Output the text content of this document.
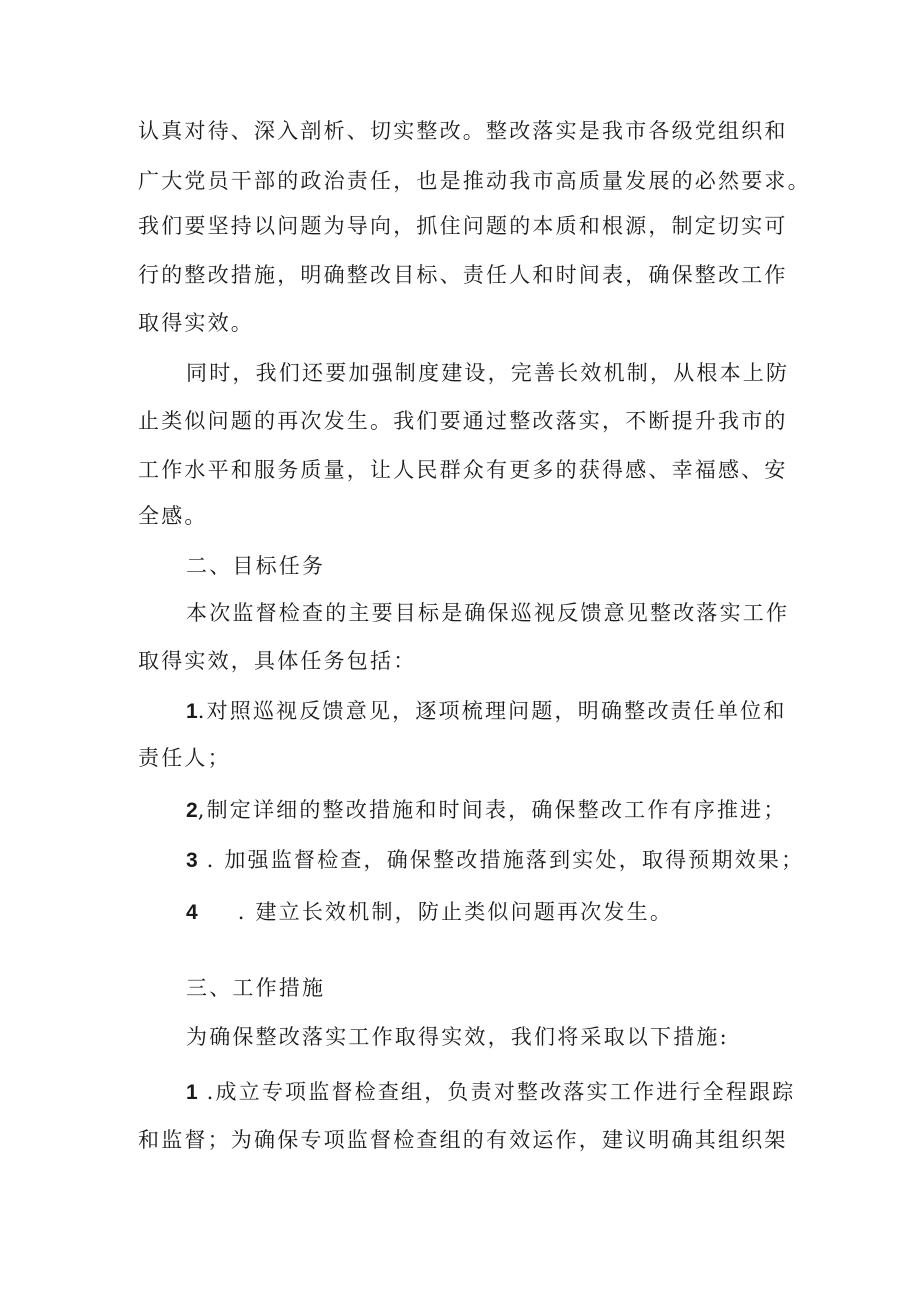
认真对待、深入剖析、切实整改。整改落实是我市各级党组织和
广大党员干部的政治责任，也是推动我市高质量发展的必然要求。
我们要坚持以问题为导向，抓住问题的本质和根源，制定切实可
行的整改措施，明确整改目标、责任人和时间表，确保整改工作
取得实效。
同时，我们还要加强制度建设，完善长效机制，从根本上防
止类似问题的再次发生。我们要通过整改落实，不断提升我市的
工作水平和服务质量，让人民群众有更多的获得感、幸福感、安
全感。
二、目标任务
本次监督检查的主要目标是确保巡视反馈意见整改落实工作
取得实效，具体任务包括：
1.对照巡视反馈意见，逐项梳理问题，明确整改责任单位和
责任人；
2,制定详细的整改措施和时间表，确保整改工作有序推进；
3 . 加强监督检查，确保整改措施落到实处，取得预期效果；
4 . 建立长效机制，防止类似问题再次发生。
三、工作措施
为确保整改落实工作取得实效，我们将采取以下措施:
1 .成立专项监督检查组，负责对整改落实工作进行全程跟踪
和监督；为确保专项监督检查组的有效运作，建议明确其组织架
